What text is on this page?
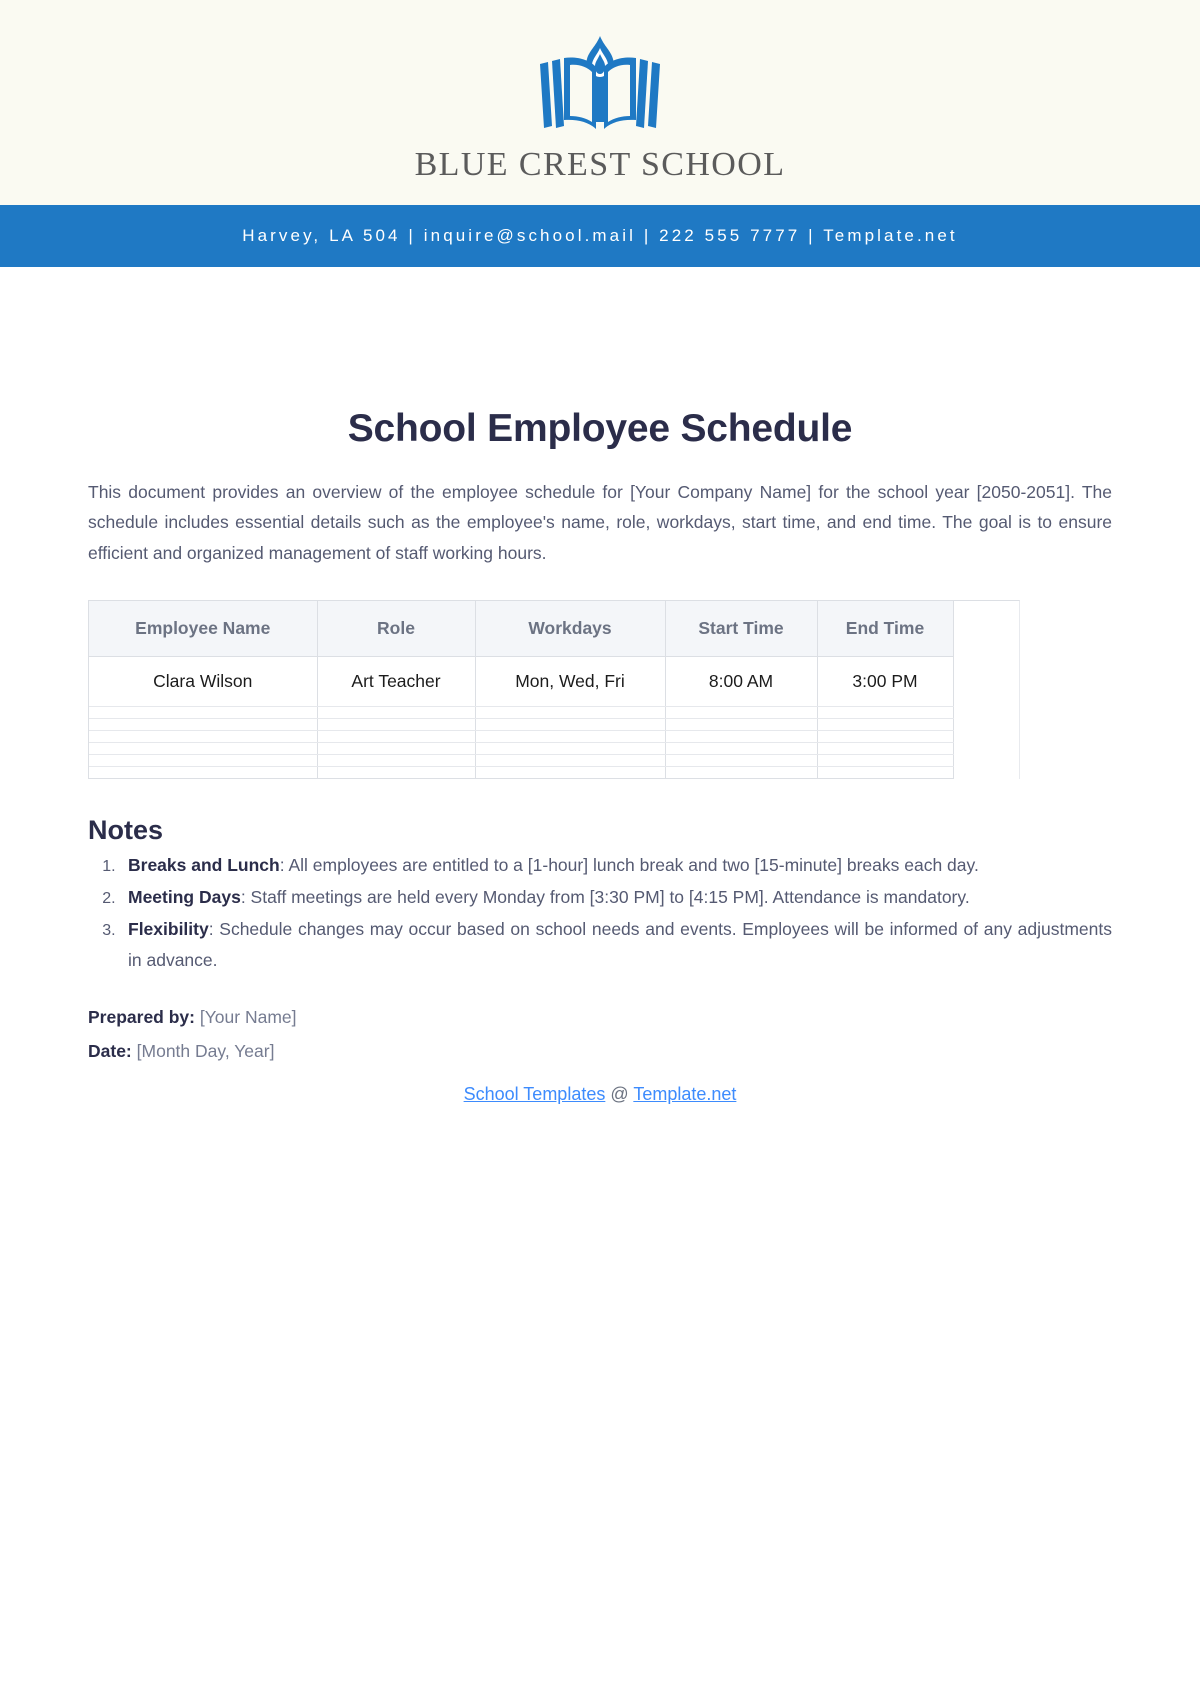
BLUE CREST SCHOOL
Harvey, LA 504 | inquire@school.mail | 222 555 7777 | Template.net
School Employee Schedule

This document provides an overview of the employee schedule for [Your Company Name] for the school year [2050-2051]. The schedule includes essential details such as the employee's name, role, workdays, start time, and end time. The goal is to ensure efficient and organized management of staff working hours.

Employee Name	Role	Workdays	Start Time	End Time	
Clara Wilson	Art Teacher	Mon, Wed, Fri	8:00 AM	3:00 PM	

Notes
1. Breaks and Lunch: All employees are entitled to a [1-hour] lunch break and two [15-minute] breaks each day.
2. Meeting Days: Staff meetings are held every Monday from [3:30 PM] to [4:15 PM]. Attendance is mandatory.
3. Flexibility: Schedule changes may occur based on school needs and events. Employees will be informed of any adjustments in advance.
Prepared by: [Your Name]
Date: [Month Day, Year]
School Templates @ Template.net
